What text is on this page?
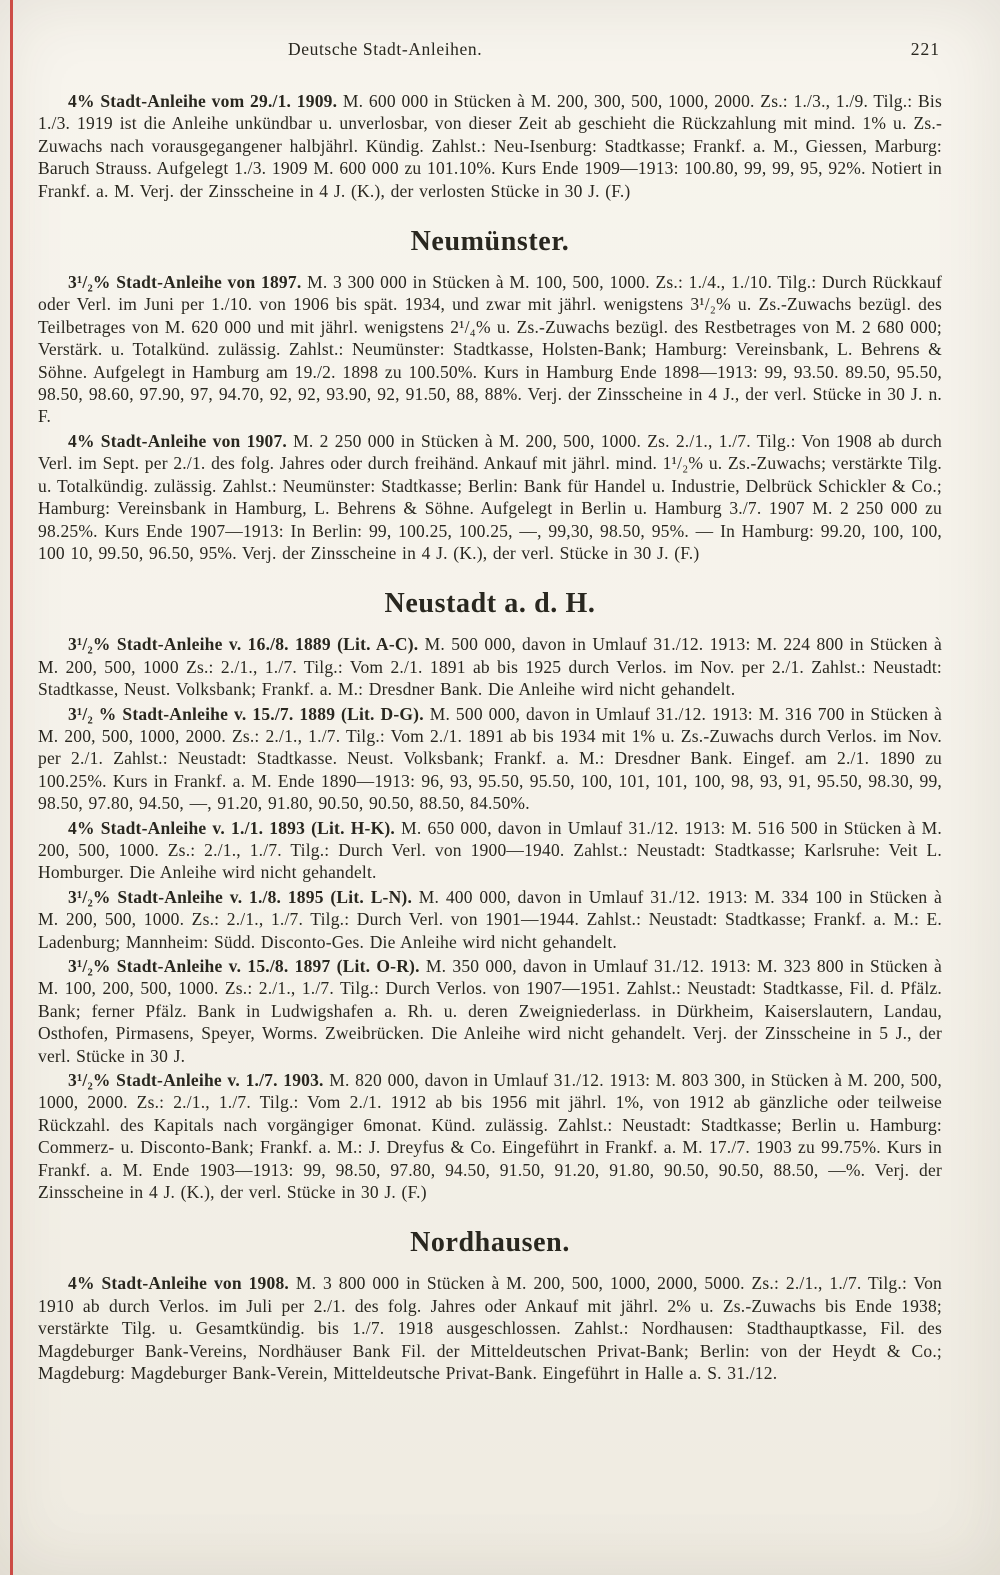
Deutsche Stadt-Anleihen.	221

4% Stadt-Anleihe vom 29./1. 1909. M. 600 000 in Stücken à M. 200, 300, 500, 1000, 2000. Zs.: 1./3., 1./9. Tilg.: Bis 1./3. 1919 ist die Anleihe unkündbar u. unverlosbar, von dieser Zeit ab geschieht die Rückzahlung mit mind. 1% u. Zs.-Zuwachs nach vorausgegangener halbjährl. Kündig. Zahlst.: Neu-Isenburg: Stadtkasse; Frankf. a. M., Giessen, Marburg: Baruch Strauss. Aufgelegt 1./3. 1909 M. 600 000 zu 101.10%. Kurs Ende 1909—1913: 100.80, 99, 99, 95, 92%. Notiert in Frankf. a. M. Verj. der Zinsscheine in 4 J. (K.), der verlosten Stücke in 30 J. (F.)

Neumünster.

3¹/₂% Stadt-Anleihe von 1897. M. 3 300 000 in Stücken à M. 100, 500, 1000. Zs.: 1./4., 1./10. Tilg.: Durch Rückkauf oder Verl. im Juni per 1./10. von 1906 bis spät. 1934, und zwar mit jährl. wenigstens 3¹/₂% u. Zs.-Zuwachs bezügl. des Teilbetrages von M. 620 000 und mit jährl. wenigstens 2¹/₄% u. Zs.-Zuwachs bezügl. des Restbetrages von M. 2 680 000; Verstärk. u. Totalkünd. zulässig. Zahlst.: Neumünster: Stadtkasse, Holsten-Bank; Hamburg: Vereinsbank, L. Behrens & Söhne. Aufgelegt in Hamburg am 19./2. 1898 zu 100.50%. Kurs in Hamburg Ende 1898—1913: 99, 93.50. 89.50, 95.50, 98.50, 98.60, 97.90, 97, 94.70, 92, 92, 93.90, 92, 91.50, 88, 88%. Verj. der Zinsscheine in 4 J., der verl. Stücke in 30 J. n. F.

4% Stadt-Anleihe von 1907. M. 2 250 000 in Stücken à M. 200, 500, 1000. Zs. 2./1., 1./7. Tilg.: Von 1908 ab durch Verl. im Sept. per 2./1. des folg. Jahres oder durch freihänd. Ankauf mit jährl. mind. 1¹/₂% u. Zs.-Zuwachs; verstärkte Tilg. u. Totalkündig. zulässig. Zahlst.: Neumünster: Stadtkasse; Berlin: Bank für Handel u. Industrie, Delbrück Schickler & Co.; Hamburg: Vereinsbank in Hamburg, L. Behrens & Söhne. Aufgelegt in Berlin u. Hamburg 3./7. 1907 M. 2 250 000 zu 98.25%. Kurs Ende 1907—1913: In Berlin: 99, 100.25, 100.25, —, 99,30, 98.50, 95%. — In Hamburg: 99.20, 100, 100, 100 10, 99.50, 96.50, 95%. Verj. der Zinsscheine in 4 J. (K.), der verl. Stücke in 30 J. (F.)

Neustadt a. d. H.

3¹/₂% Stadt-Anleihe v. 16./8. 1889 (Lit. A-C). M. 500 000, davon in Umlauf 31./12. 1913: M. 224 800 in Stücken à M. 200, 500, 1000 Zs.: 2./1., 1./7. Tilg.: Vom 2./1. 1891 ab bis 1925 durch Verlos. im Nov. per 2./1. Zahlst.: Neustadt: Stadtkasse, Neust. Volksbank; Frankf. a. M.: Dresdner Bank. Die Anleihe wird nicht gehandelt.

3¹/₂ % Stadt-Anleihe v. 15./7. 1889 (Lit. D-G). M. 500 000, davon in Umlauf 31./12. 1913: M. 316 700 in Stücken à M. 200, 500, 1000, 2000. Zs.: 2./1., 1./7. Tilg.: Vom 2./1. 1891 ab bis 1934 mit 1% u. Zs.-Zuwachs durch Verlos. im Nov. per 2./1. Zahlst.: Neustadt: Stadtkasse. Neust. Volksbank; Frankf. a. M.: Dresdner Bank. Eingef. am 2./1. 1890 zu 100.25%. Kurs in Frankf. a. M. Ende 1890—1913: 96, 93, 95.50, 95.50, 100, 101, 101, 100, 98, 93, 91, 95.50, 98.30, 99, 98.50, 97.80, 94.50, —, 91.20, 91.80, 90.50, 90.50, 88.50, 84.50%.

4% Stadt-Anleihe v. 1./1. 1893 (Lit. H-K). M. 650 000, davon in Umlauf 31./12. 1913: M. 516 500 in Stücken à M. 200, 500, 1000. Zs.: 2./1., 1./7. Tilg.: Durch Verl. von 1900—1940. Zahlst.: Neustadt: Stadtkasse; Karlsruhe: Veit L. Homburger. Die Anleihe wird nicht gehandelt.

3¹/₂% Stadt-Anleihe v. 1./8. 1895 (Lit. L-N). M. 400 000, davon in Umlauf 31./12. 1913: M. 334 100 in Stücken à M. 200, 500, 1000. Zs.: 2./1., 1./7. Tilg.: Durch Verl. von 1901—1944. Zahlst.: Neustadt: Stadtkasse; Frankf. a. M.: E. Ladenburg; Mannheim: Südd. Disconto-Ges. Die Anleihe wird nicht gehandelt.

3¹/₂% Stadt-Anleihe v. 15./8. 1897 (Lit. O-R). M. 350 000, davon in Umlauf 31./12. 1913: M. 323 800 in Stücken à M. 100, 200, 500, 1000. Zs.: 2./1., 1./7. Tilg.: Durch Verlos. von 1907—1951. Zahlst.: Neustadt: Stadtkasse, Fil. d. Pfälz. Bank; ferner Pfälz. Bank in Ludwigshafen a. Rh. u. deren Zweigniederlass. in Dürkheim, Kaiserslautern, Landau, Osthofen, Pirmasens, Speyer, Worms. Zweibrücken. Die Anleihe wird nicht gehandelt. Verj. der Zinsscheine in 5 J., der verl. Stücke in 30 J.

3¹/₂% Stadt-Anleihe v. 1./7. 1903. M. 820 000, davon in Umlauf 31./12. 1913: M. 803 300, in Stücken à M. 200, 500, 1000, 2000. Zs.: 2./1., 1./7. Tilg.: Vom 2./1. 1912 ab bis 1956 mit jährl. 1%, von 1912 ab gänzliche oder teilweise Rückzahl. des Kapitals nach vorgängiger 6monat. Künd. zulässig. Zahlst.: Neustadt: Stadtkasse; Berlin u. Hamburg: Commerz- u. Disconto-Bank; Frankf. a. M.: J. Dreyfus & Co. Eingeführt in Frankf. a. M. 17./7. 1903 zu 99.75%. Kurs in Frankf. a. M. Ende 1903—1913: 99, 98.50, 97.80, 94.50, 91.50, 91.20, 91.80, 90.50, 90.50, 88.50, —%. Verj. der Zinsscheine in 4 J. (K.), der verl. Stücke in 30 J. (F.)

Nordhausen.

4% Stadt-Anleihe von 1908. M. 3 800 000 in Stücken à M. 200, 500, 1000, 2000, 5000. Zs.: 2./1., 1./7. Tilg.: Von 1910 ab durch Verlos. im Juli per 2./1. des folg. Jahres oder Ankauf mit jährl. 2% u. Zs.-Zuwachs bis Ende 1938; verstärkte Tilg. u. Gesamtkündig. bis 1./7. 1918 ausgeschlossen. Zahlst.: Nordhausen: Stadthauptkasse, Fil. des Magdeburger Bank-Vereins, Nordhäuser Bank Fil. der Mitteldeutschen Privat-Bank; Berlin: von der Heydt & Co.; Magdeburg: Magdeburger Bank-Verein, Mitteldeutsche Privat-Bank. Eingeführt in Halle a. S. 31./12.
